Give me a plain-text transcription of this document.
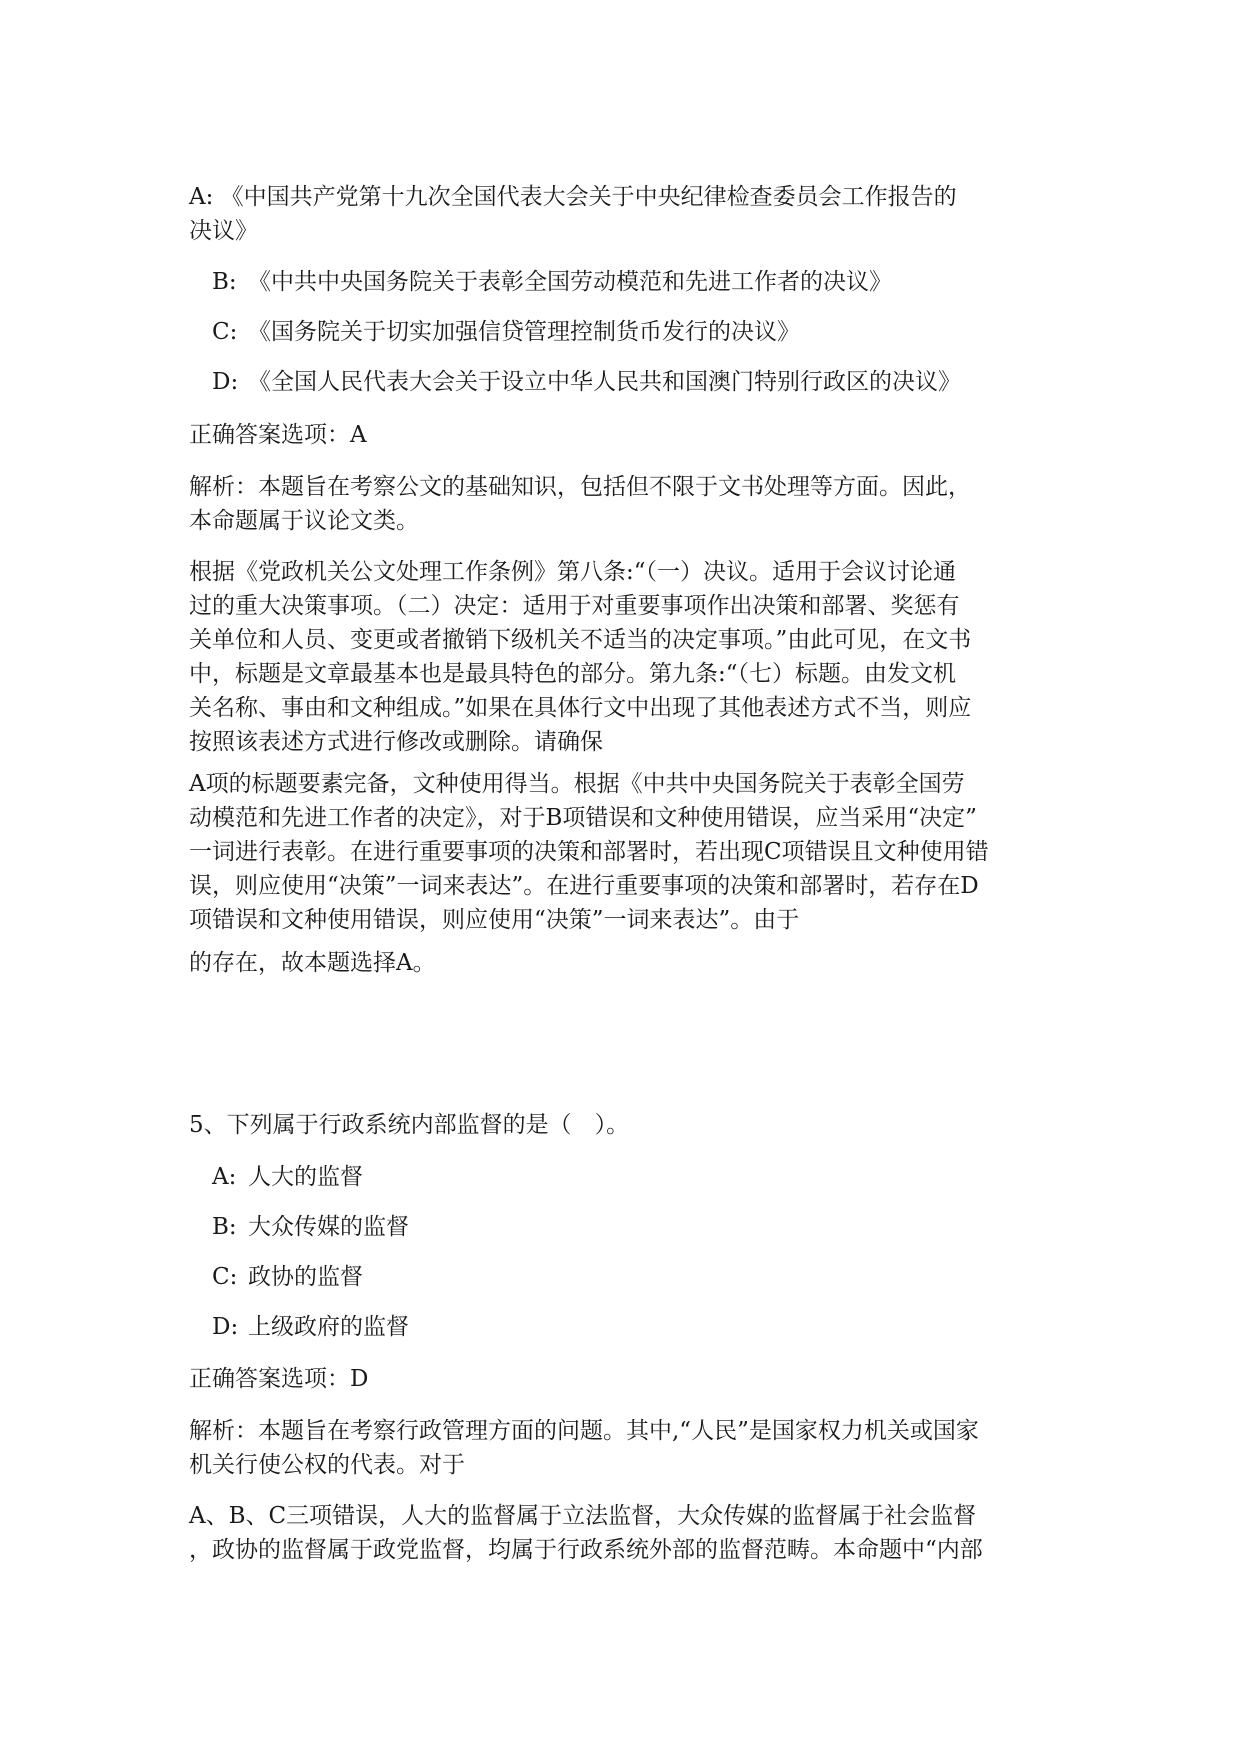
A: 《中国共产党第十九次全国代表大会关于中央纪律检查委员会工作报告的
决议》
B: 《中共中央国务院关于表彰全国劳动模范和先进工作者的决议》
C: 《国务院关于切实加强信贷管理控制货币发行的决议》
D: 《全国人民代表大会关于设立中华人民共和国澳门特别行政区的决议》
正确答案选项：A
解析：本题旨在考察公文的基础知识，包括但不限于文书处理等方面。因此，
本命题属于议论文类。
根据《党政机关公文处理工作条例》第八条:“（一）决议。适用于会议讨论通
过的重大决策事项。（二）决定：适用于对重要事项作出决策和部署、奖惩有
关单位和人员、变更或者撤销下级机关不适当的决定事项。”由此可见，在文书
中，标题是文章最基本也是最具特色的部分。第九条:“（七）标题。由发文机
关名称、事由和文种组成。”如果在具体行文中出现了其他表述方式不当，则应
按照该表述方式进行修改或删除。请确保
A项的标题要素完备，文种使用得当。根据《中共中央国务院关于表彰全国劳
动模范和先进工作者的决定》，对于B项错误和文种使用错误，应当采用“决定”
一词进行表彰。在进行重要事项的决策和部署时，若出现C项错误且文种使用错
误，则应使用“决策”一词来表达”。在进行重要事项的决策和部署时，若存在D
项错误和文种使用错误，则应使用“决策”一词来表达”。由于
的存在，故本题选择A。
5、下列属于行政系统内部监督的是（　）。
A: 人大的监督
B: 大众传媒的监督
C: 政协的监督
D: 上级政府的监督
正确答案选项：D
解析：本题旨在考察行政管理方面的问题。其中,“人民”是国家权力机关或国家
机关行使公权的代表。对于
A、B、C三项错误，人大的监督属于立法监督，大众传媒的监督属于社会监督
，政协的监督属于政党监督，均属于行政系统外部的监督范畴。本命题中“内部
